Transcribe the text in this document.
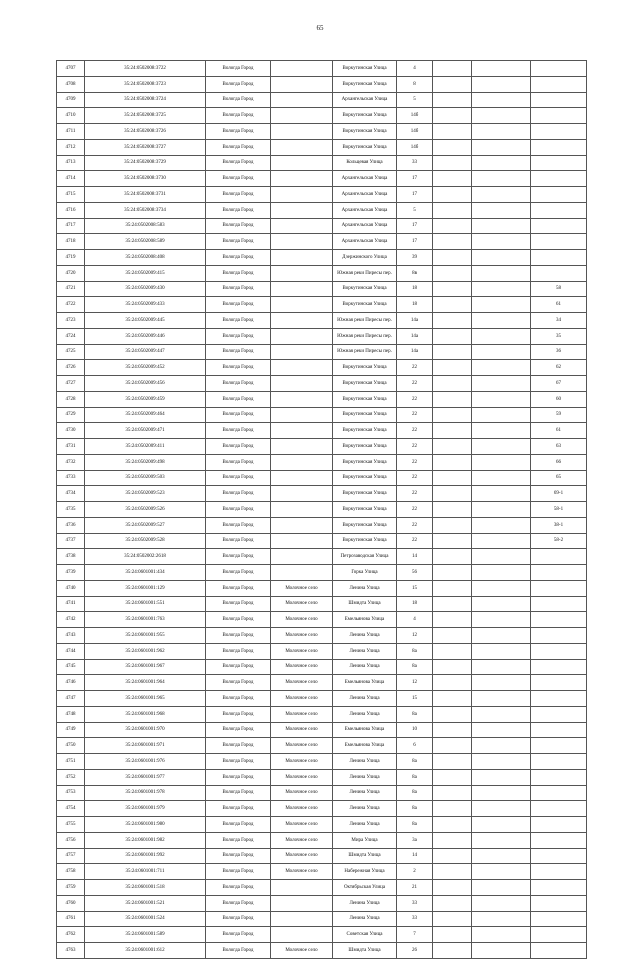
65
4707	35:24:0502008:3722	Вологда Город		Воркутинская Улица	4			
4708	35:24:0502008:3723	Вологда Город		Воркутинская Улица	8			
4709	35:24:0502008:3724	Вологда Город		Архангельская Улица	5			
4710	35:24:0502008:3725	Вологда Город		Воркутинская Улица	14б			
4711	35:24:0502008:3726	Вологда Город		Воркутинская Улица	14б			
4712	35:24:0502008:3727	Вологда Город		Воркутинская Улица	14б			
4713	35:24:0502008:3729	Вологда Город		Кольцевая Улица	33			
4714	35:24:0502008:3730	Вологда Город		Архангельская Улица	17			
4715	35:24:0502008:3731	Вологда Город		Архангельская Улица	17			
4716	35:24:0502008:3734	Вологда Город		Архангельская Улица	5			
4717	35:24:0502008:583	Вологда Город		Архангельская Улица	17			
4718	35:24:0502008:589	Вологда Город		Архангельская Улица	17			
4719	35:24:0502008:408	Вологда Город		Дзержинского Улица	39			
4720	35:24:0502009:415	Вологда Город		Южная реки Пиресы пер.	8в			
4721	35:24:0502009:430	Вологда Город		Воркутинская Улица	18			58
4722	35:24:0502009:433	Вологда Город		Воркутинская Улица	18			61
4723	35:24:0502009:445	Вологда Город		Южная реки Пиресы пер.	14а			34
4724	35:24:0502009:446	Вологда Город		Южная реки Пиресы пер.	14а			35
4725	35:24:0502009:447	Вологда Город		Южная реки Пиресы пер.	14а			36
4726	35:24:0502009:452	Вологда Город		Воркутинская Улица	22			62
4727	35:24:0502009:456	Вологда Город		Воркутинская Улица	22			67
4728	35:24:0502009:459	Вологда Город		Воркутинская Улица	22			60
4729	35:24:0502009:464	Вологда Город		Воркутинская Улица	22			59
4730	35:24:0502009:471	Вологда Город		Воркутинская Улица	22			61
4731	35:24:0502009:411	Вологда Город		Воркутинская Улица	22			63
4732	35:24:0502009:498	Вологда Город		Воркутинская Улица	22			66
4733	35:24:0502009:503	Вологда Город		Воркутинская Улица	22			65
4734	35:24:0502009:523	Вологда Город		Воркутинская Улица	22			69-1
4735	35:24:0502009:526	Вологда Город		Воркутинская Улица	22			58-1
4736	35:24:0502009:527	Вологда Город		Воркутинская Улица	22			38-1
4737	35:24:0502009:528	Вологда Город		Воркутинская Улица	22			58-2
4738	35:24:0502002:2618	Вологда Город		Петрозаводская Улица	14			
4739	35:24:0601001:434	Вологда Город		Горка Улица	56			
4740	35:24:0601001:129	Вологда Город	Молочное село	Ленина Улица	15			
4741	35:24:0601001:551	Вологда Город	Молочное село	Шмидта Улица	18			
4742	35:24:0601001:763	Вологда Город	Молочное село	Емельянова Улица	4			
4743	35:24:0601001:955	Вологда Город	Молочное село	Ленина Улица	12			
4744	35:24:0601001:962	Вологда Город	Молочное село	Ленина Улица	8а			
4745	35:24:0601001:967	Вологда Город	Молочное село	Ленина Улица	8а			
4746	35:24:0601001:964	Вологда Город	Молочное село	Емельянова Улица	12			
4747	35:24:0601001:965	Вологда Город	Молочное село	Ленина Улица	15			
4748	35:24:0601001:968	Вологда Город	Молочное село	Ленина Улица	8а			
4749	35:24:0601001:970	Вологда Город	Молочное село	Емельянова Улица	10			
4750	35:24:0601001:971	Вологда Город	Молочное село	Емельянова Улица	6			
4751	35:24:0601001:976	Вологда Город	Молочное село	Ленина Улица	8а			
4752	35:24:0601001:977	Вологда Город	Молочное село	Ленина Улица	8а			
4753	35:24:0601001:978	Вологда Город	Молочное село	Ленина Улица	8а			
4754	35:24:0601001:979	Вологда Город	Молочное село	Ленина Улица	8а			
4755	35:24:0601001:980	Вологда Город	Молочное село	Ленина Улица	8а			
4756	35:24:0601001:982	Вологда Город	Молочное село	Мира Улица	3а			
4757	35:24:0601001:992	Вологда Город	Молочное село	Шмидта Улица	14			
4758	35:24:0601001:711	Вологда Город	Молочное село	Набережная Улица	2			
4759	35:24:0601001:518	Вологда Город		Октябрьская Улица	21			
4760	35:24:0601001:521	Вологда Город		Ленина Улица	33			
4761	35:24:0601001:524	Вологда Город		Ленина Улица	33			
4762	35:24:0601001:589	Вологда Город		Советская Улица	7			
4763	35:24:0601001:612	Вологда Город	Молочное село	Шмидта Улица	26			
